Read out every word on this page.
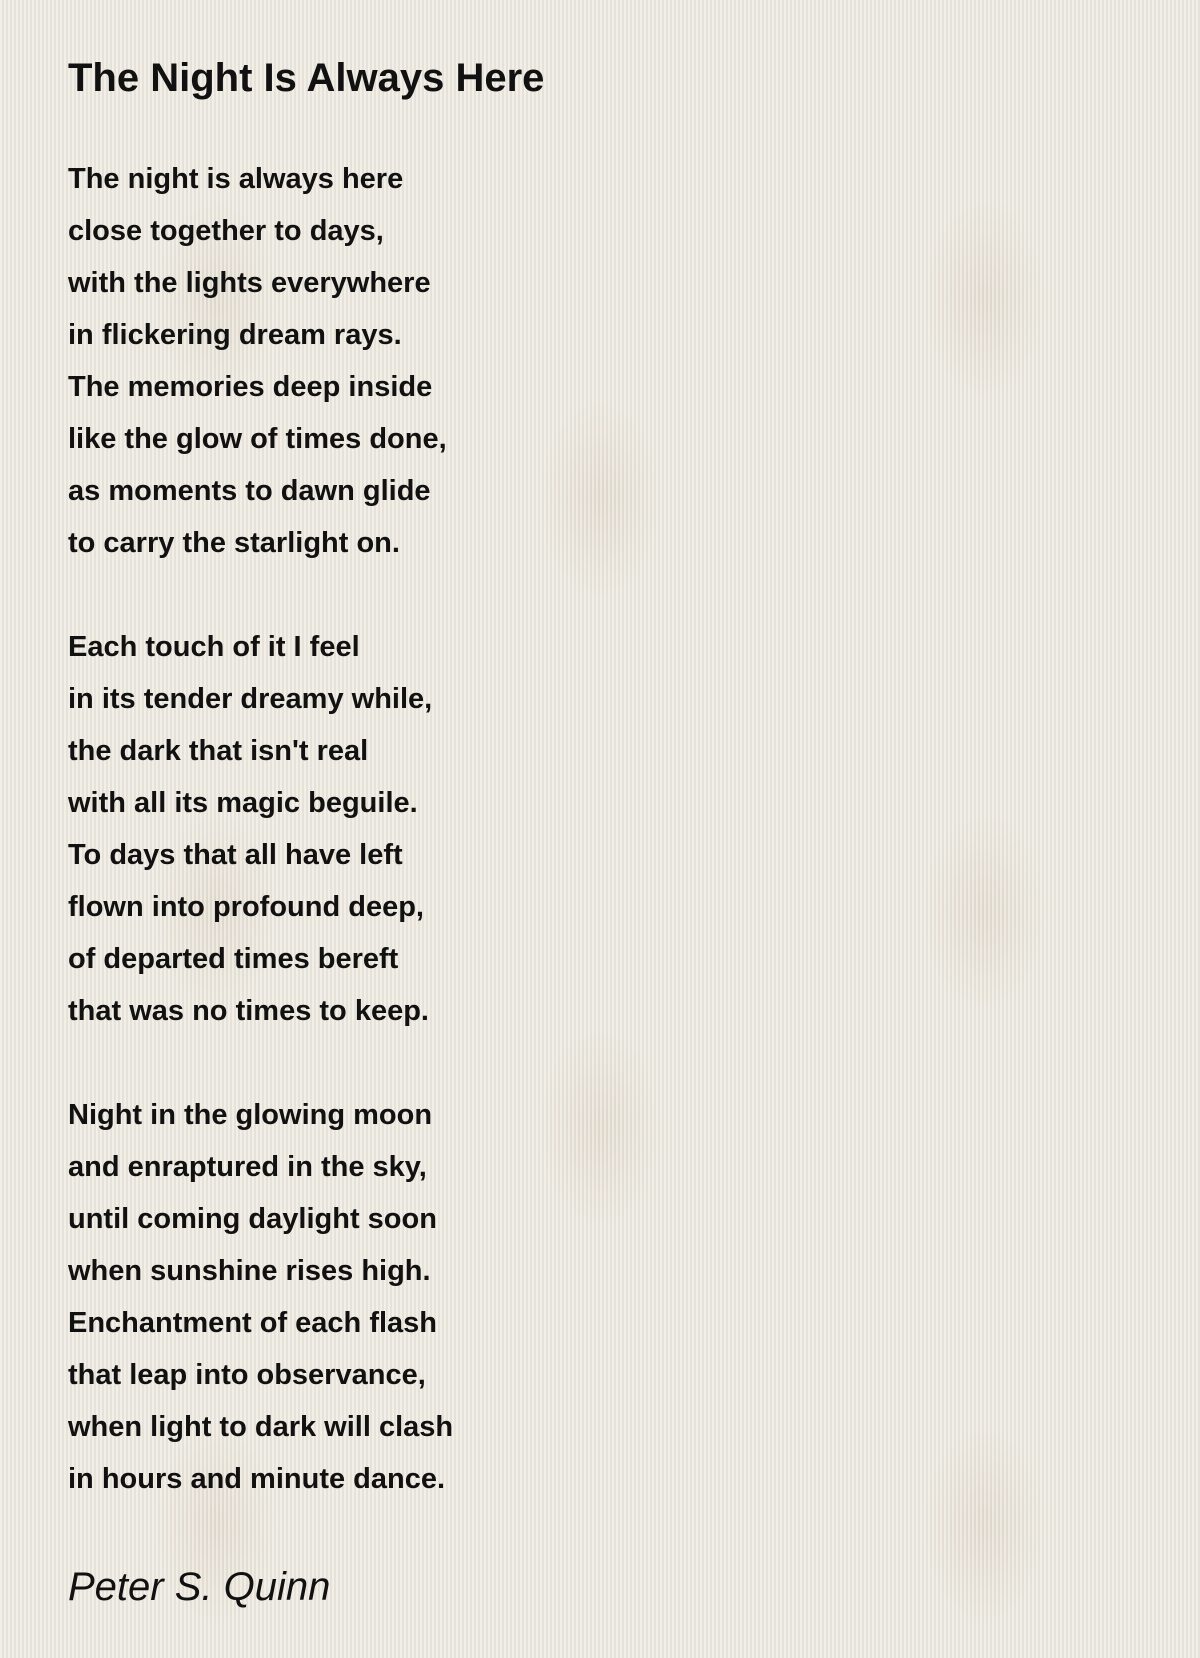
The Night Is Always Here
The night is always here
close together to days,
with the lights everywhere
in flickering dream rays.
The memories deep inside
like the glow of times done,
as moments to dawn glide
to carry the starlight on.
Each touch of it I feel
in its tender dreamy while,
the dark that isn't real
with all its magic beguile.
To days that all have left
flown into profound deep,
of departed times bereft
that was no times to keep.
Night in the glowing moon
and enraptured in the sky,
until coming daylight soon
when sunshine rises high.
Enchantment of each flash
that leap into observance,
when light to dark will clash
in hours and minute dance.
Peter S. Quinn
